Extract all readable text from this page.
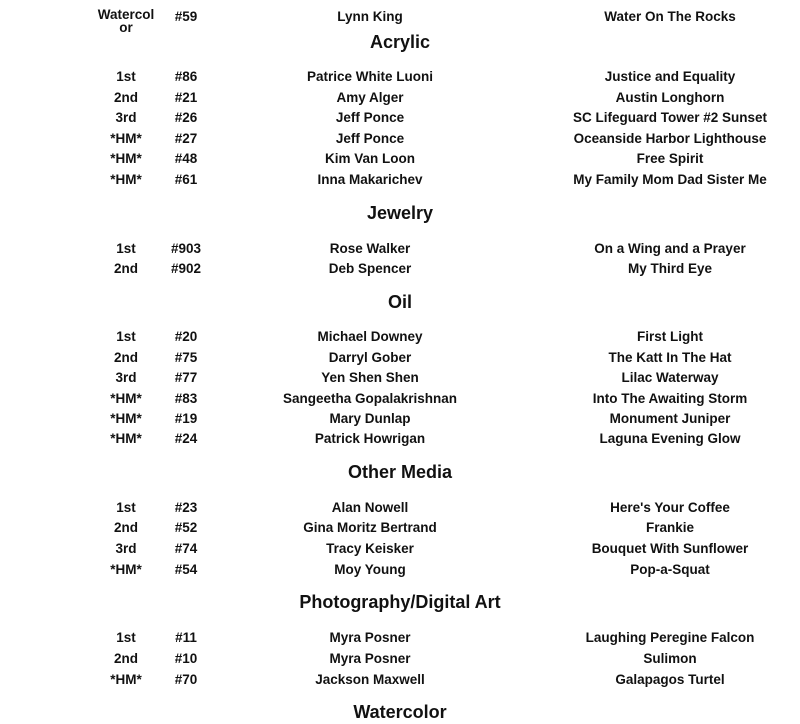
Watercol
or
#59	Lynn King	Water On The Rocks
Acrylic
1st	#86	Patrice White Luoni	Justice and Equality
2nd	#21	Amy Alger	Austin Longhorn
3rd	#26	Jeff Ponce	SC Lifeguard Tower #2 Sunset
*HM*	#27	Jeff Ponce	Oceanside Harbor Lighthouse
*HM*	#48	Kim Van Loon	Free Spirit
*HM*	#61	Inna Makarichev	My Family Mom Dad Sister Me
Jewelry
1st	#903	Rose Walker	On a Wing and a Prayer
2nd	#902	Deb Spencer	My Third Eye
Oil
1st	#20	Michael Downey	First Light
2nd	#75	Darryl Gober	The Katt In The Hat
3rd	#77	Yen Shen Shen	Lilac Waterway
*HM*	#83	Sangeetha Gopalakrishnan	Into The Awaiting Storm
*HM*	#19	Mary Dunlap	Monument Juniper
*HM*	#24	Patrick Howrigan	Laguna Evening Glow
Other Media
1st	#23	Alan Nowell	Here's Your Coffee
2nd	#52	Gina Moritz Bertrand	Frankie
3rd	#74	Tracy Keisker	Bouquet With Sunflower
*HM*	#54	Moy Young	Pop-a-Squat
Photography/Digital Art
1st	#11	Myra Posner	Laughing Peregine Falcon
2nd	#10	Myra Posner	Sulimon
*HM*	#70	Jackson Maxwell	Galapagos Turtel
Watercolor
